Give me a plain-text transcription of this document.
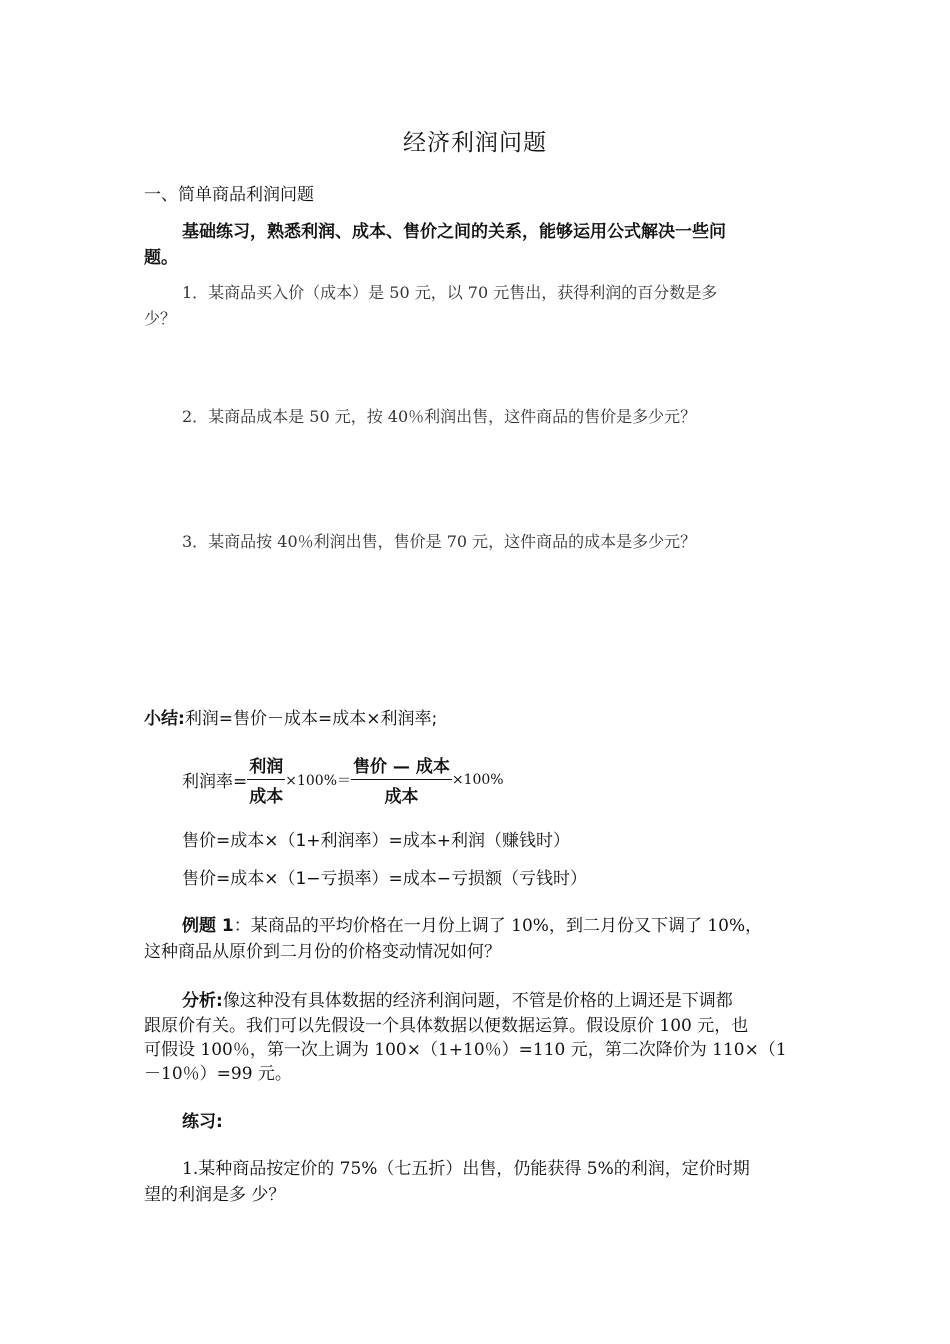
经济利润问题
一、简单商品利润问题
基础练习，熟悉利润、成本、售价之间的关系，能够运用公式解决一些问
题。
1．某商品买入价（成本）是 50 元，以 70 元售出，获得利润的百分数是多
少？
2．某商品成本是 50 元，按 40％利润出售，这件商品的售价是多少元？
3．某商品按 40％利润出售，售价是 70 元，这件商品的成本是多少元？
小结:利润=售价－成本=成本×利润率;
利润率= $\frac{\text{利润}}{\text{成本}} \times 100\%= \frac{\text{售价 — 成本}}{\text{成本}} \times 100\%$
售价=成本×（1+利润率）=成本+利润（赚钱时）
售价=成本×（1−亏损率）=成本−亏损额（亏钱时）
例题 1：某商品的平均价格在一月份上调了 10%，到二月份又下调了 10%，
这种商品从原价到二月份的价格变动情况如何？
分析:像这种没有具体数据的经济利润问题，不管是价格的上调还是下调都
跟原价有关。我们可以先假设一个具体数据以便数据运算。假设原价 100 元，也
可假设 100％，第一次上调为 100×（1+10％）=110 元，第二次降价为 110×（1
－10％）=99 元。
练习:
1.某种商品按定价的 75%（七五折）出售，仍能获得 5%的利润，定价时期
望的利润是多 少？
